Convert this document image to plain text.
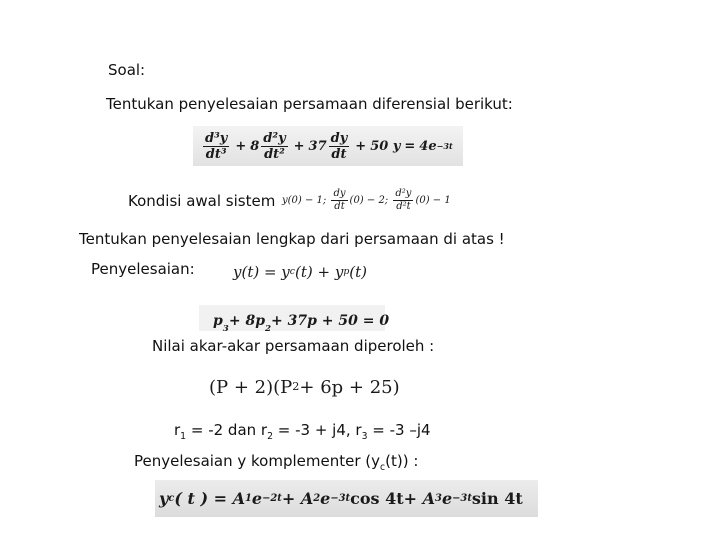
Soal:
Tentukan penyelesaian persamaan diferensial berikut:
$\frac{\text{d³y}}{\text{dt³}} + 8 \frac{\text{d²y}}{\text{dt²}} + 37 \frac{dy}{dt} + 50$
y = 4e −3t
Kondisi awal sistem y(0) − 1;
$\frac{dy}{dt} (0) - 2$;
$\frac{\text{d²y}}{\text{d²t}} (0) - 1$
Tentukan penyelesaian lengkap dari persamaan di atas !
Penyelesaian:	y(t) = y c (t) + y p (t)
p 3 + 8p 2 + 37p + 50 = 0
Nilai akar-akar persamaan diperoleh :
(P + 2)(P 2 + 6p + 25)
$r_1 = -2$ dan $r_2 = -3 + j4$, $r_3 = -3$ –j4
Penyelesaian y komplementer $(y_c(t))$ :
y c ( t ) = A 1 e −2t + A 2 e −3t cos 4t + A 3 e −3t sin 4t
